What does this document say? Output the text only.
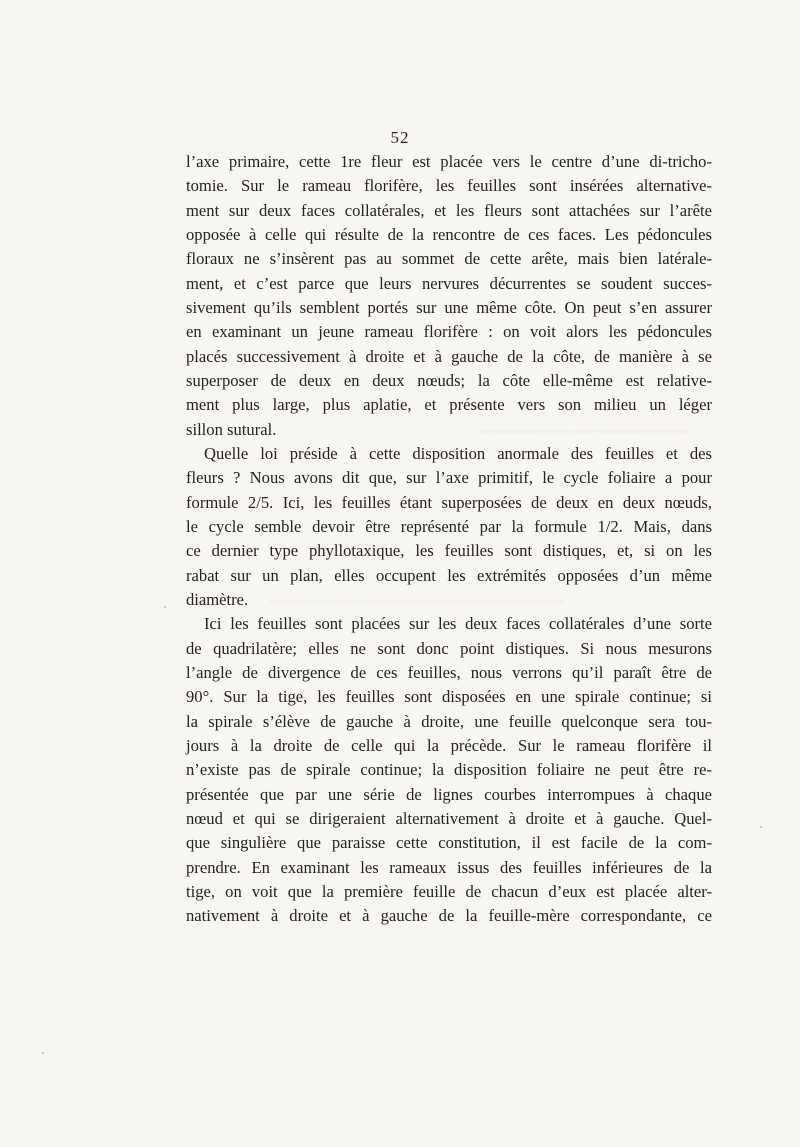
~~~~~~~~~~~~~~~~~~~~~~~~
~~~~~~~~~~~~~~~~~~~~~~~~~~~~~~~~~~
52
l’axe primaire, cette 1re fleur est placée vers le centre d’une di-tricho-
tomie. Sur le rameau florifère, les feuilles sont insérées alternative-
ment sur deux faces collatérales, et les fleurs sont attachées sur l’arête
opposée à celle qui résulte de la rencontre de ces faces. Les pédoncules
floraux ne s’insèrent pas au sommet de cette arête, mais bien latérale-
ment, et c’est parce que leurs nervures décurrentes se soudent succes-
sivement qu’ils semblent portés sur une même côte. On peut s’en assurer
en examinant un jeune rameau florifère : on voit alors les pédoncules
placés successivement à droite et à gauche de la côte, de manière à se
superposer de deux en deux nœuds; la côte elle-même est relative-
ment plus large, plus aplatie, et présente vers son milieu un léger
sillon sutural.
Quelle loi préside à cette disposition anormale des feuilles et des
fleurs ? Nous avons dit que, sur l’axe primitif, le cycle foliaire a pour
formule 2/5. Ici, les feuilles étant superposées de deux en deux nœuds,
le cycle semble devoir être représenté par la formule 1/2. Mais, dans
ce dernier type phyllotaxique, les feuilles sont distiques, et, si on les
rabat sur un plan, elles occupent les extrémités opposées d’un même
diamètre.
Ici les feuilles sont placées sur les deux faces collatérales d’une sorte
de quadrilatère; elles ne sont donc point distiques. Si nous mesurons
l’angle de divergence de ces feuilles, nous verrons qu’il paraît être de
90°. Sur la tige, les feuilles sont disposées en une spirale continue; si
la spirale s’élève de gauche à droite, une feuille quelconque sera tou-
jours à la droite de celle qui la précède. Sur le rameau florifère il
n’existe pas de spirale continue; la disposition foliaire ne peut être re-
présentée que par une série de lignes courbes interrompues à chaque
nœud et qui se dirigeraient alternativement à droite et à gauche. Quel-
que singulière que paraisse cette constitution, il est facile de la com-
prendre. En examinant les rameaux issus des feuilles inférieures de la
tige, on voit que la première feuille de chacun d’eux est placée alter-
nativement à droite et à gauche de la feuille-mère correspondante, ce
